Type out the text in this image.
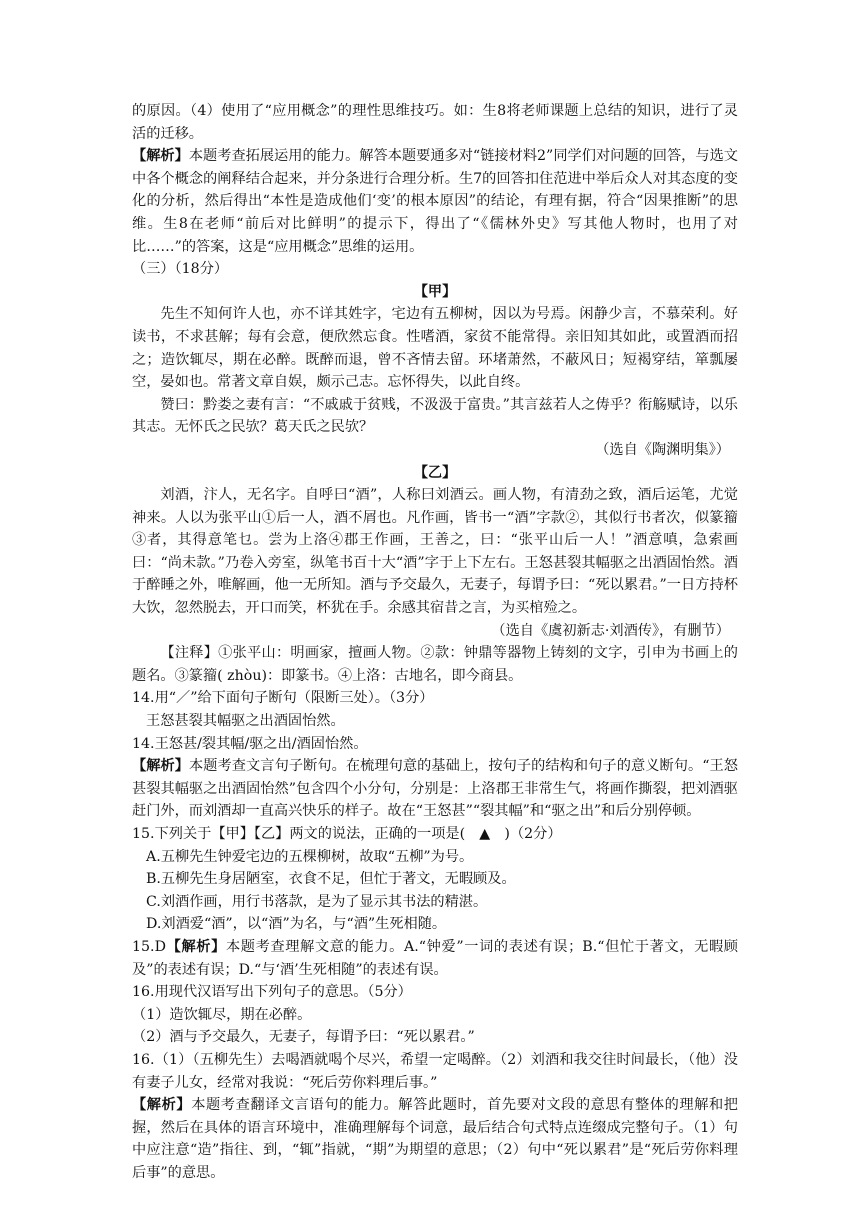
的原因。（4）使用了“应用概念”的理性思维技巧。如：生8将老师课题上总结的知识，进行了灵活的迁移。

【解析】本题考查拓展运用的能力。解答本题要通多对“链接材料2”同学们对问题的回答，与选文中各个概念的阐释结合起来，并分条进行合理分析。生7的回答扣住范进中举后众人对其态度的变化的分析，然后得出“本性是造成他们‘变’的根本原因”的结论，有理有据，符合“因果推断”的思维。生8在老师“前后对比鲜明”的提示下，得出了“《儒林外史》写其他人物时，也用了对比……”的答案，这是“应用概念”思维的运用。

（三）（18分）

【甲】

先生不知何许人也，亦不详其姓字，宅边有五柳树，因以为号焉。闲静少言，不慕荣利。好读书，不求甚解；每有会意，便欣然忘食。性嗜酒，家贫不能常得。亲旧知其如此，或置酒而招之；造饮辄尽，期在必醉。既醉而退，曾不吝情去留。环堵萧然，不蔽风日；短褐穿结，箪瓢屡空，晏如也。常著文章自娱，颇示己志。忘怀得失，以此自终。

赞曰：黔娄之妻有言：“不戚戚于贫贱，不汲汲于富贵。”其言兹若人之俦乎？衔觞赋诗，以乐其志。无怀氏之民欤？葛天氏之民欤？

（选自《陶渊明集》）

【乙】

刘酒，汴人，无名字。自呼曰“酒”，人称曰刘酒云。画人物，有清劲之致，酒后运笔，尤觉神来。人以为张平山①后一人，酒不屑也。凡作画，皆书一“酒”字款②，其似行书者次，似篆籀③者，其得意笔乜。尝为上洛④郡王作画，王善之，曰：“张平山后一人！”酒意嗔，急索画曰：“尚未款。”乃卷入旁室，纵笔书百十大“酒”字于上下左右。王怒甚裂其幅驱之出酒固怡然。酒于醉睡之外，唯解画，他一无所知。酒与予交最久，无妻子，每谓予曰：“死以累君。”一日方持杯大饮，忽然脱去，开口而笑，杯犹在手。余感其宿昔之言，为买棺殓之。

（选自《虞初新志·刘酒传》，有删节）

【注释】①张平山：明画家，擅画人物。②款：钟鼎等器物上铸刻的文字，引申为书画上的题名。③篆籀( zhòu)：即篆书。④上洛：古地名，即今商县。

14.用“／”给下面句子断句（限断三处）。（3分）

王怒甚裂其幅驱之出酒固怡然。

14.王怒甚/裂其幅/驱之出/酒固怡然。

【解析】本题考查文言句子断句。在梳理句意的基础上，按句子的结构和句子的意义断句。“王怒甚裂其幅驱之出酒固怡然”包含四个小分句，分别是：上洛郡王非常生气，将画作撕裂，把刘酒驱赶门外，而刘酒却一直高兴快乐的样子。故在“王怒甚”“裂其幅”和“驱之出”和后分别停顿。

15.下列关于【甲】【乙】两文的说法，正确的一项是(　▲　)（2分）

A.五柳先生钟爱宅边的五棵柳树，故取“五柳”为号。

B.五柳先生身居陋室，衣食不足，但忙于著文，无暇顾及。

C.刘酒作画，用行书落款，是为了显示其书法的精湛。

D.刘酒爱“酒”，以“酒”为名，与“酒”生死相随。

15.D【解析】本题考查理解文意的能力。A.“钟爱”一词的表述有误；B.“但忙于著文，无暇顾及”的表述有误；D.“与‘酒’生死相随”的表述有误。

16.用现代汉语写出下列句子的意思。（5分）

（1）造饮辄尽，期在必醉。

（2）酒与予交最久，无妻子，每谓予曰：“死以累君。”

16.（1）（五柳先生）去喝酒就喝个尽兴，希望一定喝醉。（2）刘酒和我交往时间最长，（他）没有妻子儿女，经常对我说：“死后劳你料理后事。”

【解析】本题考查翻译文言语句的能力。解答此题时，首先要对文段的意思有整体的理解和把握，然后在具体的语言环境中，准确理解每个词意，最后结合句式特点连缀成完整句子。（1）句中应注意“造”指往、到，“辄”指就，“期”为期望的意思；（2）句中“死以累君”是“死后劳你料理后事”的意思。
